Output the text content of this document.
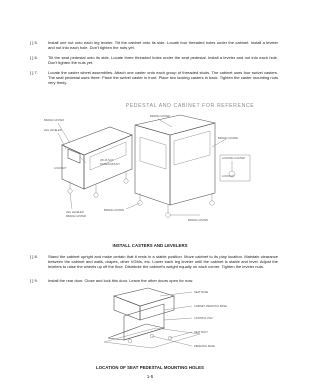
[ ] 5.	Install one nut onto each leg leveler. Tilt the cabinet onto its side. Locate four threaded holes under the cabinet. Install a leveler and nut into each hole. Don't tighten the nuts yet.
[ ] 6.	Tilt the seat pedestal onto its side. Locate three threaded holes under the seat pedestal. Install a leveler and nut into each hole. Don't tighten the nuts yet.
[ ] 7.	Locate the caster wheel assemblies. Attach one caster onto each group of threaded studs. The cabinet uses four swivel casters. The seat pedestal uses three. Place the swivel caster in front. Place two locking casters in back. Tighten the caster mounting nuts very firmly.
PEDESTAL AND CABINET FOR REFERENCE
BRAKE CASTER
LEG LEVELER
3/8-16 NUT
SCREW MOUNT
LEG LEVELER
BRAKE CASTER
BRAKE CASTER
BRAKE CASTER
LOCKING CASTER
BRAKE CASTER
BRAKE CASTER
LOCKNUT
LOCKNUT
INSTALL CASTERS AND LEVELERS
[ ] 8.	Stand the cabinet upright and make certain that it rests in a stable position. Move cabinet to its play location. Maintain clearance between the cabinet and walls, drapes, other VGMs, etc. Lower each leg leveler until the cabinet is stable and level. Adjust the levelers to raise the wheels up off the floor. Distribute the cabinet's weight equally on each corner. Tighten the leveler nuts.
[ ] 9.	Install the rear door. Close and lock this door. Leave the other doors open for now.
SEAT BASE
CABINET PEDESTAL BASE
CONTROL PAN
SEAT BOLT
PEDESTAL BASE
LOCATION OF SEAT PEDESTAL MOUNTING HOLES
1-5
